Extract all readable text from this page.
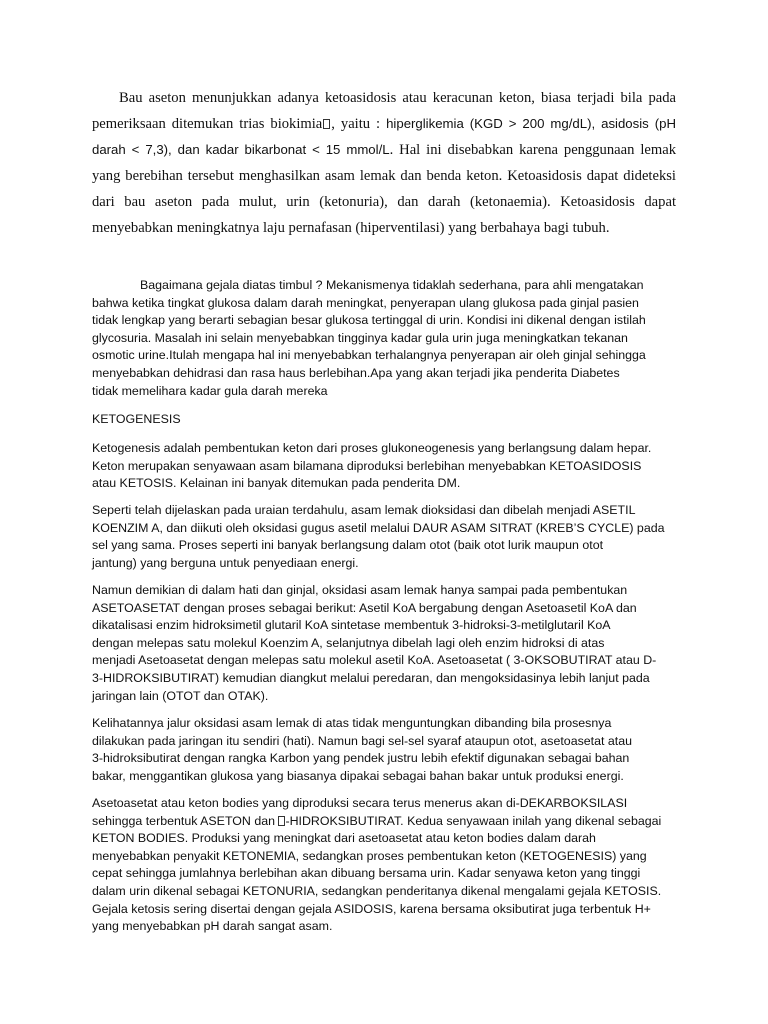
Bau aseton menunjukkan adanya ketoasidosis atau keracunan keton, biasa terjadi bila pada pemeriksaan ditemukan trias biokimia , yaitu : hiperglikemia (KGD > 200 mg/dL), asidosis (pH darah < 7,3), dan kadar bikarbonat < 15 mmol/L. Hal ini disebabkan karena penggunaan lemak yang berebihan tersebut menghasilkan asam lemak dan benda keton. Ketoasidosis dapat dideteksi dari bau aseton pada mulut, urin (ketonuria), dan darah (ketonaemia). Ketoasidosis dapat menyebabkan meningkatnya laju pernafasan (hiperventilasi) yang berbahaya bagi tubuh.

Bagaimana gejala diatas timbul ? Mekanismenya tidaklah sederhana, para ahli mengatakan
bahwa ketika tingkat glukosa dalam darah meningkat, penyerapan ulang glukosa pada ginjal pasien
tidak lengkap yang berarti sebagian besar glukosa tertinggal di urin. Kondisi ini dikenal dengan istilah
glycosuria. Masalah ini selain menyebabkan tingginya kadar gula urin juga meningkatkan tekanan
osmotic urine.Itulah mengapa hal ini menyebabkan terhalangnya penyerapan air oleh ginjal sehingga
menyebabkan dehidrasi dan rasa haus berlebihan.Apa yang akan terjadi jika penderita Diabetes
tidak memelihara kadar gula darah mereka
KETOGENESIS
Ketogenesis adalah pembentukan keton dari proses glukoneogenesis yang berlangsung dalam hepar.
Keton merupakan senyawaan asam bilamana diproduksi berlebihan menyebabkan KETOASIDOSIS
atau KETOSIS. Kelainan ini banyak ditemukan pada penderita DM.
Seperti telah dijelaskan pada uraian terdahulu, asam lemak dioksidasi dan dibelah menjadi ASETIL
KOENZIM A, dan diikuti oleh oksidasi gugus asetil melalui DAUR ASAM SITRAT (KREB’S CYCLE) pada
sel yang sama. Proses seperti ini banyak berlangsung dalam otot (baik otot lurik maupun otot
jantung) yang berguna untuk penyediaan energi.
Namun demikian di dalam hati dan ginjal, oksidasi asam lemak hanya sampai pada pembentukan
ASETOASETAT dengan proses sebagai berikut: Asetil KoA bergabung dengan Asetoasetil KoA dan
dikatalisasi enzim hidroksimetil glutaril KoA sintetase membentuk 3-hidroksi-3-metilglutaril KoA
dengan melepas satu molekul Koenzim A, selanjutnya dibelah lagi oleh enzim hidroksi di atas
menjadi Asetoasetat dengan melepas satu molekul asetil KoA. Asetoasetat ( 3-OKSOBUTIRAT atau D-
3-HIDROKSIBUTIRAT) kemudian diangkut melalui peredaran, dan mengoksidasinya lebih lanjut pada
jaringan lain (OTOT dan OTAK).
Kelihatannya jalur oksidasi asam lemak di atas tidak menguntungkan dibanding bila prosesnya
dilakukan pada jaringan itu sendiri (hati). Namun bagi sel-sel syaraf ataupun otot, asetoasetat atau
3-hidroksibutirat dengan rangka Karbon yang pendek justru lebih efektif digunakan sebagai bahan
bakar, menggantikan glukosa yang biasanya dipakai sebagai bahan bakar untuk produksi energi.
Asetoasetat atau keton bodies yang diproduksi secara terus menerus akan di-DEKARBOKSILASI
sehingga terbentuk ASETON dan -HIDROKSIBUTIRAT. Kedua senyawaan inilah yang dikenal sebagai
KETON BODIES. Produksi yang meningkat dari asetoasetat atau keton bodies dalam darah
menyebabkan penyakit KETONEMIA, sedangkan proses pembentukan keton (KETOGENESIS) yang
cepat sehingga jumlahnya berlebihan akan dibuang bersama urin. Kadar senyawa keton yang tinggi
dalam urin dikenal sebagai KETONURIA, sedangkan penderitanya dikenal mengalami gejala KETOSIS.
Gejala ketosis sering disertai dengan gejala ASIDOSIS, karena bersama oksibutirat juga terbentuk H+
yang menyebabkan pH darah sangat asam.
